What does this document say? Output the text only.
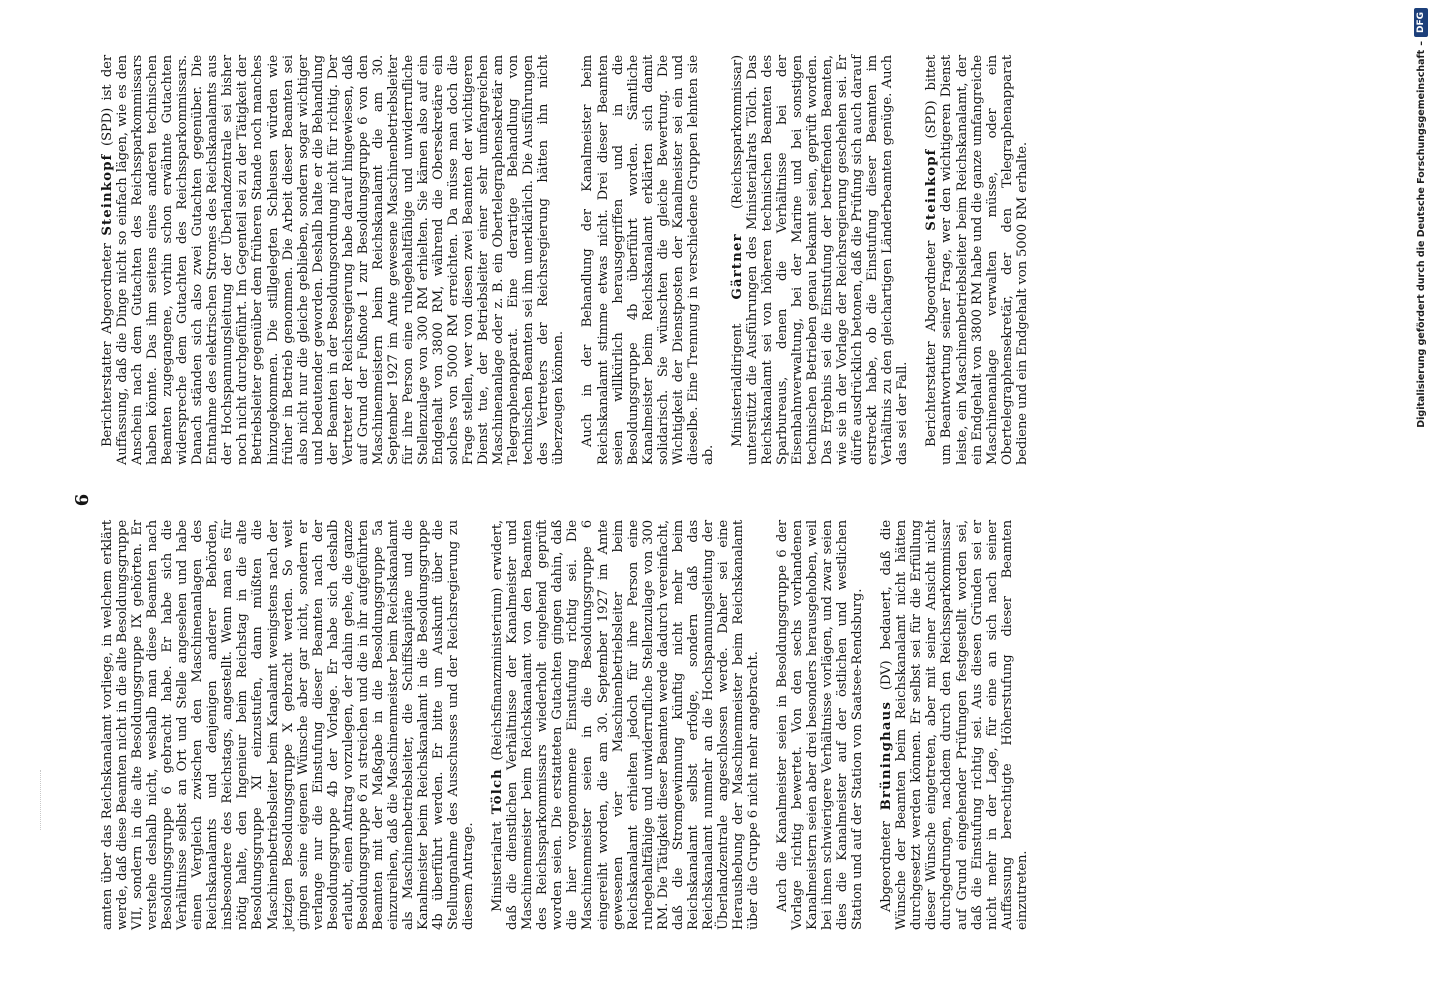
6

amten über das Reichskanalamt vorliege, in welchem erklärt werde, daß diese Beamten nicht in die alte Besoldungsgruppe VII, sondern in die alte Besoldungsgruppe IX gehörten. Er verstehe deshalb nicht, weshalb man diese Beamten nach Besoldungsgruppe 6 gebracht habe. Er habe sich die Verhältnisse selbst an Ort und Stelle angesehen und habe einen Vergleich zwischen den Maschinenanlagen des Reichskanalamts und denjenigen anderer Behörden, insbesondere des Reichstags, angestellt. Wenn man es für nötig halte, den Ingenieur beim Reichstag in die alte Besoldungsgruppe XI einzustufen, dann müßten die Maschinenbetriebsleiter beim Kanalamt wenigstens nach der jetzigen Besoldungsgruppe X gebracht werden. So weit gingen seine eigenen Wünsche aber gar nicht, sondern er verlange nur die Einstufung dieser Beamten nach der Besoldungsgruppe 4b der Vorlage. Er habe sich deshalb erlaubt, einen Antrag vorzulegen, der dahin gehe, die ganze Besoldungsgruppe 6 zu streichen und die in ihr aufgeführten Beamten mit der Maßgabe in die Besoldungsgruppe 5a einzureihen, daß die Maschinenmeister beim Reichskanalamt als Maschinenbetriebsleiter, die Schiffskapitäne und die Kanalmeister beim Reichskanalamt in die Besoldungsgruppe 4b überführt werden. Er bitte um Auskunft über die Stellungnahme des Ausschusses und der Reichsregierung zu diesem Antrage. Ministerialrat Tölch (Reichsfinanzministerium) erwidert, daß die dienstlichen Verhältnisse der Kanalmeister und Maschinenmeister beim Reichskanalamt von den Beamten des Reichssparkommissars wiederholt eingehend geprüft worden seien. Die erstatteten Gutachten gingen dahin, daß die hier vorgenommene Einstufung richtig sei. Die Maschinenmeister seien in die Besoldungsgruppe 6 eingereiht worden, die am 30. September 1927 im Amte gewesenen vier Maschinenbetriebsleiter beim Reichskanalamt erhielten jedoch für ihre Person eine ruhegehaltfähige und unwiderrufliche Stellenzulage von 300 RM. Die Tätigkeit dieser Beamten werde dadurch vereinfacht, daß die Stromgewinnung künftig nicht mehr beim Reichskanalamt selbst erfolge, sondern daß das Reichskanalamt nunmehr an die Hochspannungsleitung der Überlandzentrale angeschlossen werde. Daher sei eine Heraushebung der Maschinenmeister beim Reichskanalamt über die Gruppe 6 nicht mehr angebracht. Auch die Kanalmeister seien in Besoldungsgruppe 6 der Vorlage richtig bewertet. Von den sechs vorhandenen Kanalmeistern seien aber drei besonders herausgehoben, weil bei ihnen schwierigere Verhältnisse vorlägen, und zwar seien dies die Kanalmeister auf der östlichen und westlichen Station und auf der Station von Saatsee-Rendsburg. Abgeordneter Brüninghaus (DV) bedauert, daß die Wünsche der Beamten beim Reichskanalamt nicht hätten durchgesetzt werden können. Er selbst sei für die Erfüllung dieser Wünsche eingetreten, aber mit seiner Ansicht nicht durchgedrungen, nachdem durch den Reichssparkommissar auf Grund eingehender Prüfungen festgestellt worden sei, daß die Einstufung richtig sei. Aus diesen Gründen sei er nicht mehr in der Lage, für eine an sich nach seiner Auffassung berechtigte Höherstufung dieser Beamten einzutreten.

Berichterstatter Abgeordneter Steinkopf (SPD) ist der Auffassung, daß die Dinge nicht so einfach lägen, wie es den Anschein nach dem Gutachten des Reichssparkommissars haben könnte. Das ihm seitens eines anderen technischen Beamten zugegangene, vorhin schon erwähnte Gutachten widerspreche dem Gutachten des Reichssparkommissars. Danach ständen sich also zwei Gutachten gegenüber. Die Entnahme des elektrischen Stromes des Reichskanalamts aus der Hochspannungsleitung der Überlandzentrale sei bisher noch nicht durchgeführt. Im Gegenteil sei zu der Tätigkeit der Betriebsleiter gegenüber dem früheren Stande noch manches hinzugekommen. Die stillgelegten Schleusen würden wie früher in Betrieb genommen. Die Arbeit dieser Beamten sei also nicht nur die gleiche geblieben, sondern sogar wichtiger und bedeutender geworden. Deshalb halte er die Behandlung der Beamten in der Besoldungsordnung nicht für richtig. Der Vertreter der Reichsregierung habe darauf hingewiesen, daß auf Grund der Fußnote 1 zur Besoldungsgruppe 6 von den Maschinenmeistern beim Reichskanalamt die am 30. September 1927 im Amte gewesene Maschinenbetriebsleiter für ihre Person eine ruhegehaltfähige und unwiderrufliche Stellenzulage von 300 RM erhielten. Sie kämen also auf ein Endgehalt von 3800 RM, während die Obersekretäre ein solches von 5000 RM erreichten. Da müsse man doch die Frage stellen, wer von diesen zwei Beamten der wichtigeren Dienst tue, der Betriebsleiter einer sehr umfangreichen Maschinenanlage oder z. B. ein Obertelegraphensekretär am Telegraphenapparat. Eine derartige Behandlung von technischen Beamten sei ihm unerklärlich. Die Ausführungen des Vertreters der Reichsregierung hätten ihn nicht überzeugen können. Auch in der Behandlung der Kanalmeister beim Reichskanalamt stimme etwas nicht. Drei dieser Beamten seien willkürlich herausgegriffen und in die Besoldungsgruppe 4b überführt worden. Sämtliche Kanalmeister beim Reichskanalamt erklärten sich damit solidarisch. Sie wünschten die gleiche Bewertung. Die Wichtigkeit der Dienstposten der Kanalmeister sei ein und dieselbe. Eine Trennung in verschiedene Gruppen lehnten sie ab.

Ministerialdirigent Gärtner (Reichssparkommissar) unterstützt die Ausführungen des Ministerialrats Tölch. Das Reichskanalamt sei von höheren technischen Beamten des Sparbureaus, denen die Verhältnisse bei der Eisenbahnverwaltung, bei der Marine und bei sonstigen technischen Betrieben genau bekannt seien, geprüft worden. Das Ergebnis sei die Einstufung der betreffenden Beamten, wie sie in der Vorlage der Reichsregierung geschehen sei. Er dürfe ausdrücklich betonen, daß die Prüfung sich auch darauf erstreckt habe, ob die Einstufung dieser Beamten im Verhältnis zu den gleichartigen Länderbeamten genüge. Auch das sei der Fall. Berichterstatter Abgeordneter Steinkopf (SPD) bittet um Beantwortung seiner Frage, wer den wichtigeren Dienst leiste, ein Maschinenbetriebsleiter beim Reichskanalamt, der ein Endgehalt von 3800 RM habe und die ganze umfangreiche Maschinenanlage verwalten müsse, oder ein Obertelegraphensekretär, der den Telegraphenapparat bediene und ein Endgehalt von 5000 RM erhalte.	Digitalisierung gefördert durch die Deutsche Forschungsgemeinschaft
–
DFG
